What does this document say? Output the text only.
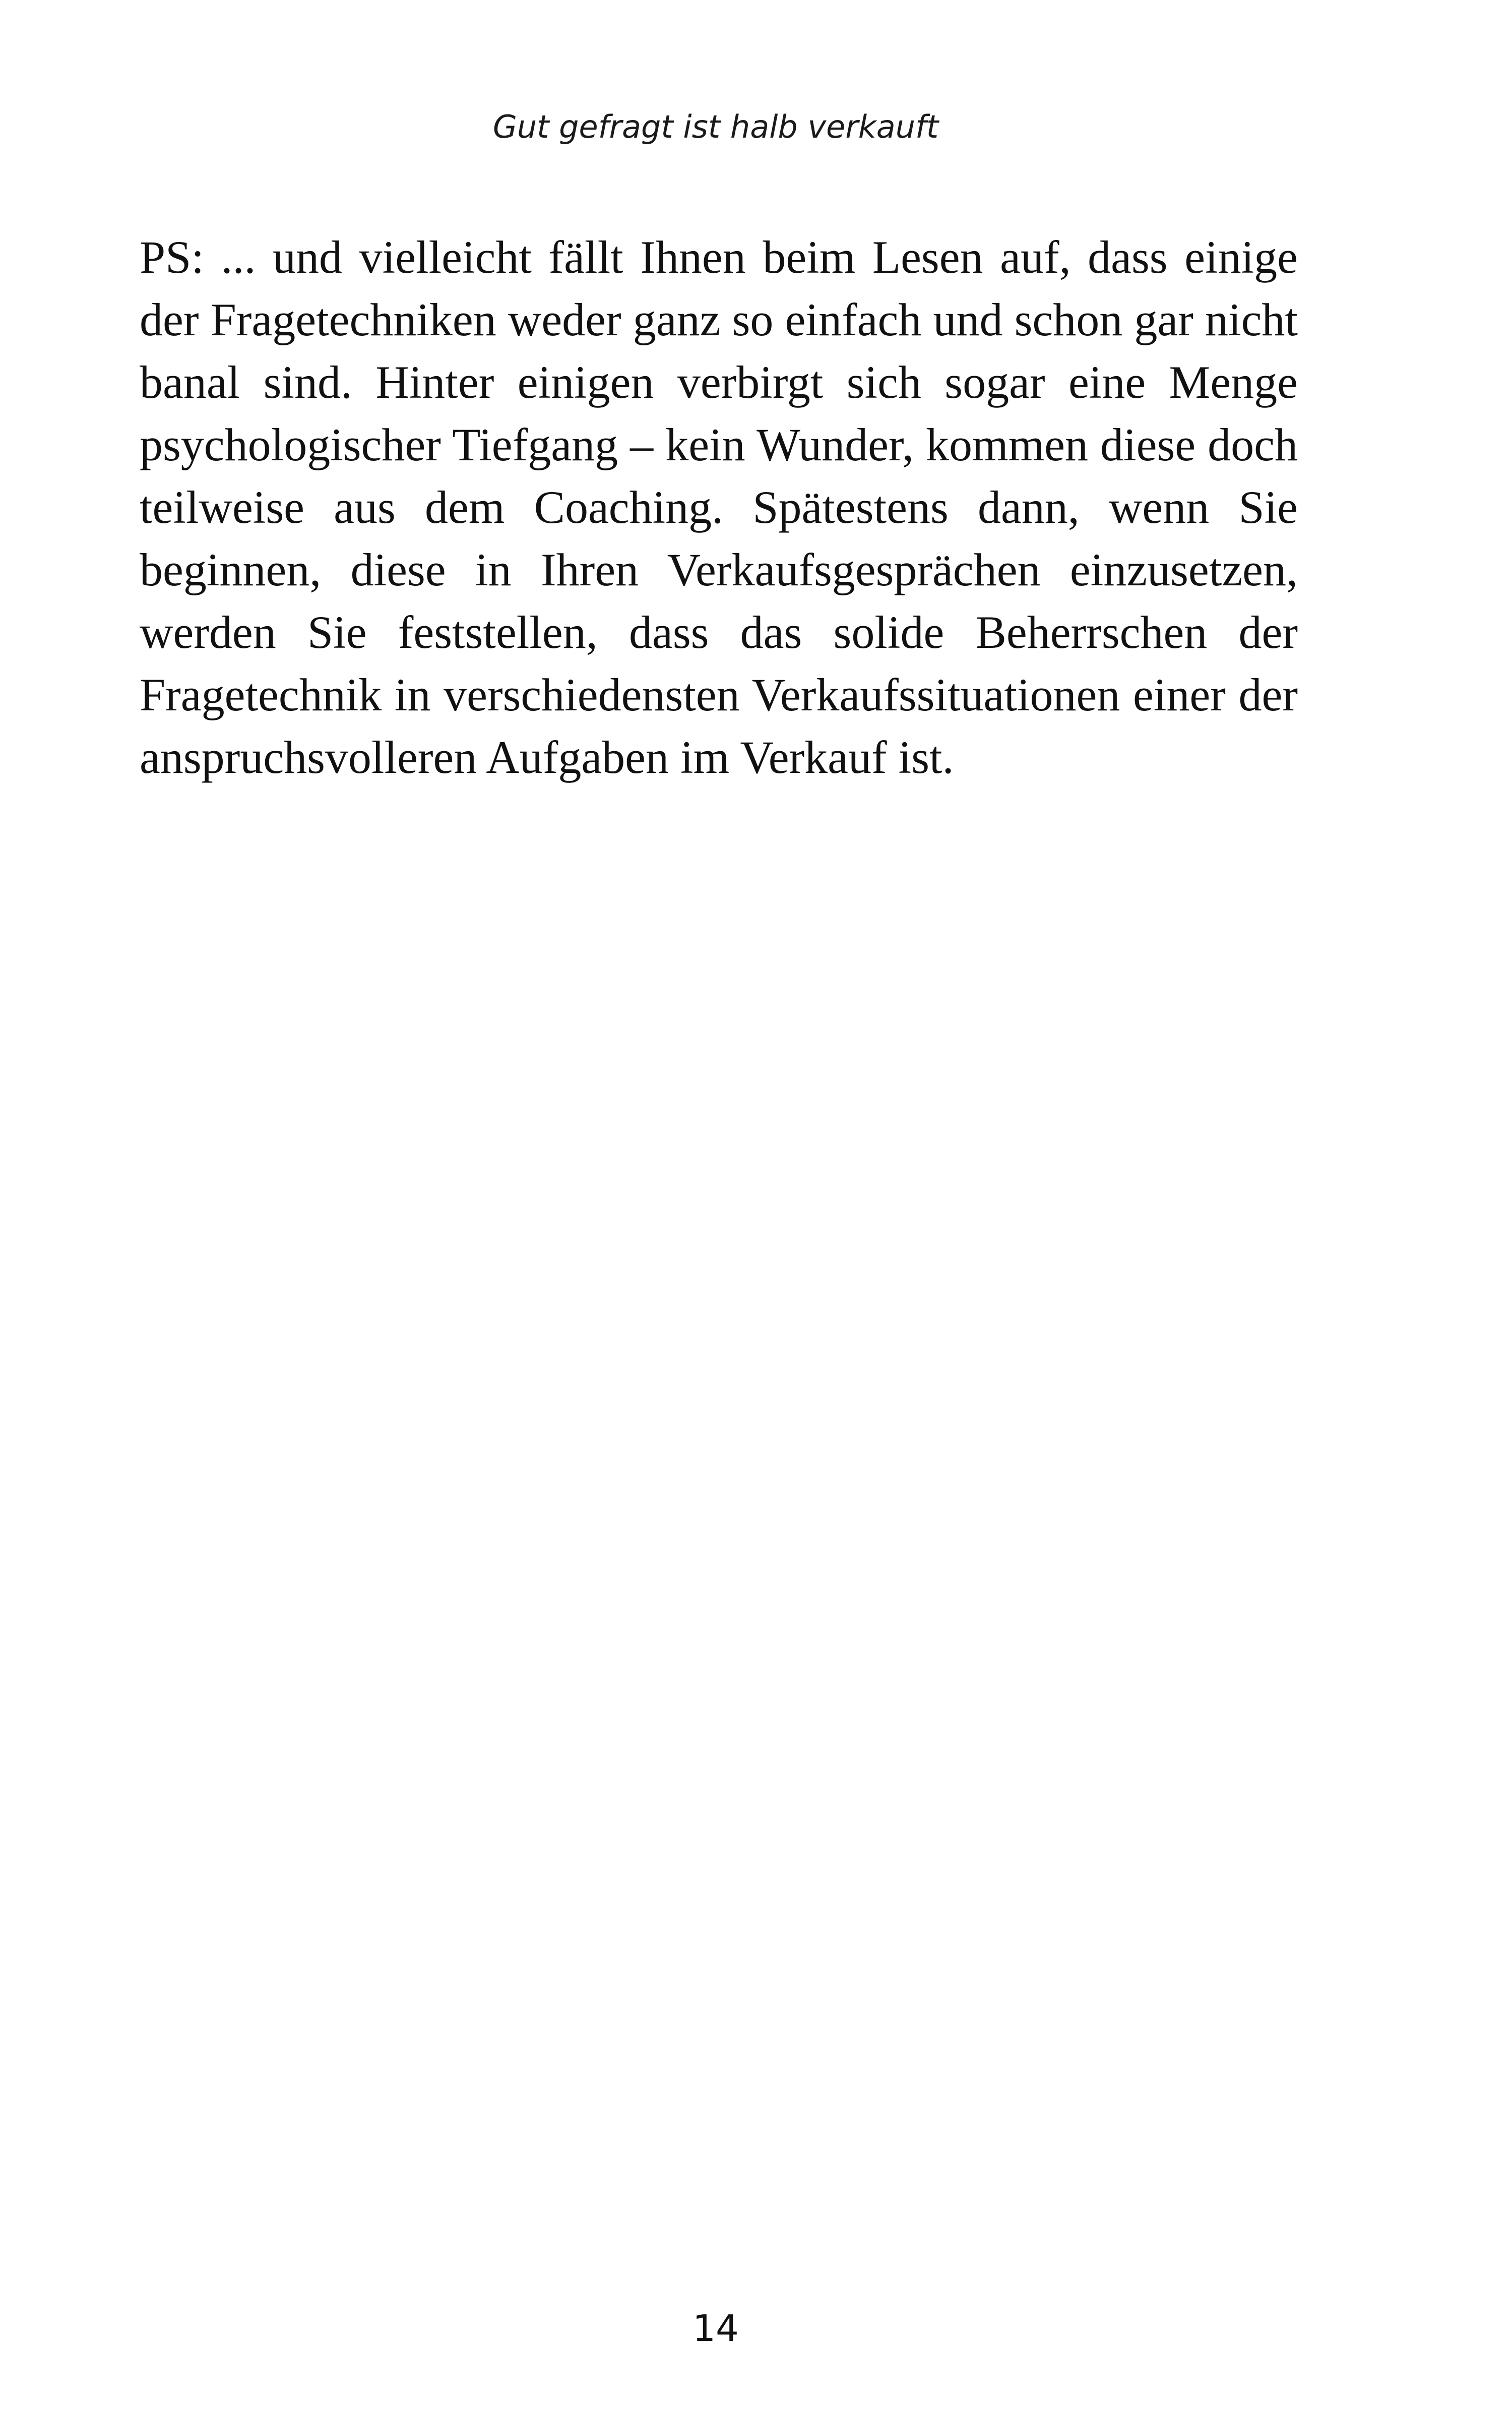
Gut gefragt ist halb verkauft

PS: ... und vielleicht fällt Ihnen beim Lesen auf, dass einige der Fragetechniken weder ganz so einfach und schon gar nicht banal sind. Hinter einigen verbirgt sich sogar eine Menge psychologischer Tiefgang – kein Wunder, kommen diese doch teilweise aus dem Coaching. Spätestens dann, wenn Sie beginnen, diese in Ihren Verkaufsgesprächen einzusetzen, werden Sie feststellen, dass das solide Beherrschen der Fragetechnik in verschiedensten Verkaufssituationen einer der anspruchsvolleren Aufgaben im Verkauf ist.

14
